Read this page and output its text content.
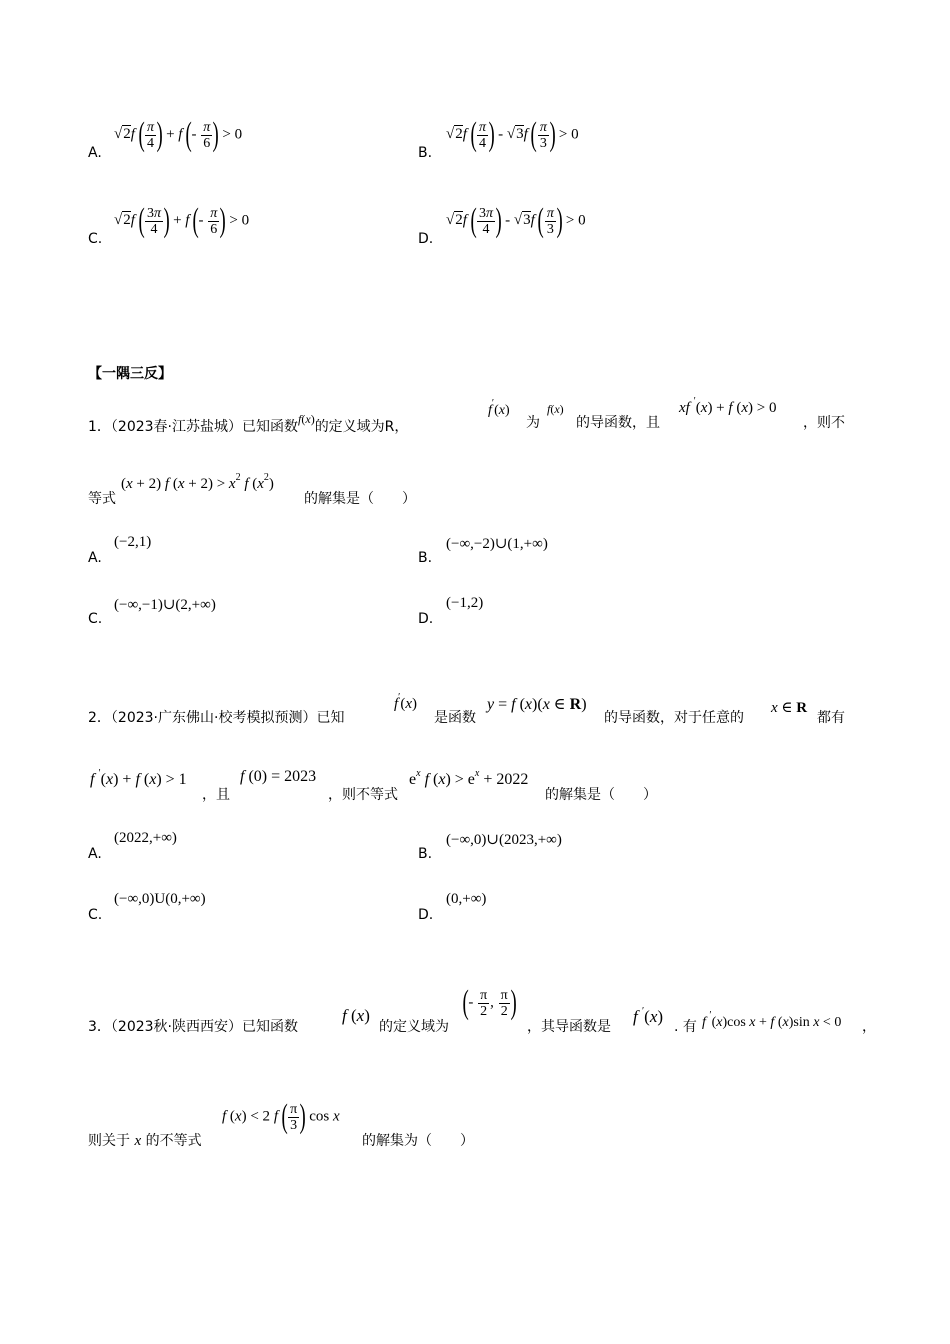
A.
√2f ( $\frac{\pi}{4}$ ) + f (- $\frac{\pi}{6}$ ) > 0
B.
√2f ( $\frac{\pi}{4}$ ) - √3f ( $\frac{\pi}{3}$ ) > 0
C.
√2f ( $\frac{3\pi}{4}$ ) + f (- $\frac{\pi}{6}$ ) > 0
D.
√2f ( $\frac{3\pi}{4}$ ) - √3f ( $\frac{\pi}{3}$ ) > 0
【一隅三反】
1．（2023春·江苏盐城）已知函数f(x)的定义域为R，
f′(x)
为
f(x)
的导函数，且
xf ′(x) + f (x) > 0
，则不
等式
(x + 2) f $(x + 2) > x^2$ f $(x^2)$
的解集是（　　）
A.
(−2,1)
B.
(−∞,−2)∪(1,+∞)
C.
(−∞,−1)∪(2,+∞)
D.
(−1,2)
2．（2023·广东佛山·校考模拟预测）已知
f′(x)
是函数
y = f (x)(x ∈ R)
的导函数，对于任意的
x ∈ R
都有
f ′(x) + f (x) > 1
，且
f (0) = 2023
，则不等式
$e^x$ f $(x) > e^x + 2022$
的解集是（　　）
A.
(2022,+∞)
B.
(−∞,0)∪(2023,+∞)
C.
(−∞,0)U(0,+∞)
D.
(0,+∞)
3．（2023秋·陕西西安）已知函数
f (x)
的定义域为
(- $\frac{\pi}{2}$ , $\frac{\pi}{2}$ )
，其导函数是
f ′(x)
. 有 f ′(x)cos x + f (x)sin x < 0 ，
则关于 x 的不等式
f (x) < 2 f ( $\frac{\pi}{3}$ ) cos x
的解集为（　　）
